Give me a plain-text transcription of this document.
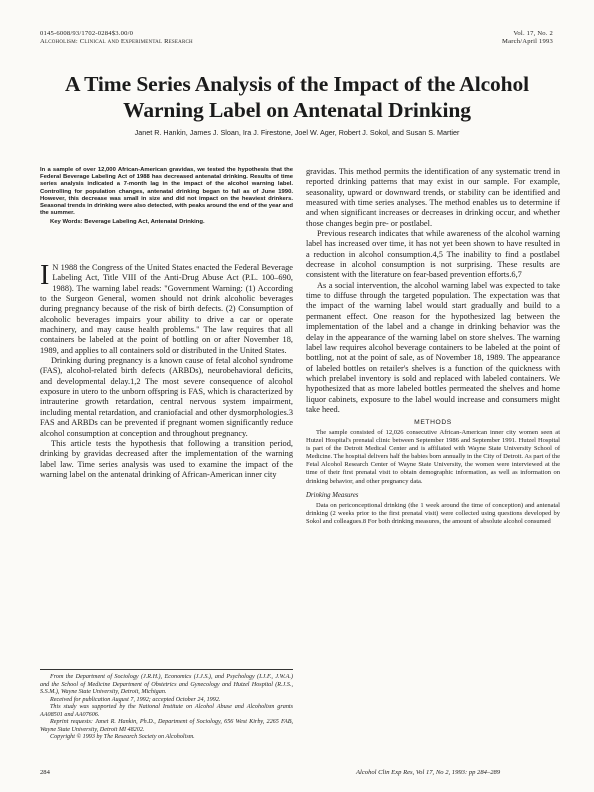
0145-6008/93/1702-0284$3.00/0
Alcoholism: Clinical and Experimental Research
Vol. 17, No. 2
March/April 1993
A Time Series Analysis of the Impact of the Alcohol
Warning Label on Antenatal Drinking
Janet R. Hankin, James J. Sloan, Ira J. Firestone, Joel W. Ager, Robert J. Sokol, and Susan S. Martier
In a sample of over 12,000 African-American gravidas, we tested the hypothesis that the Federal Beverage Labeling Act of 1988 has decreased antenatal drinking. Results of time series analysis indicated a 7-month lag in the impact of the alcohol warning label. Controlling for population changes, antenatal drinking began to fall as of June 1990. However, this decrease was small in size and did not impact on the heaviest drinkers. Seasonal trends in drinking were also detected, with peaks around the end of the year and the summer.
Key Words: Beverage Labeling Act, Antenatal Drinking.

I N 1988 the Congress of the United States enacted the Federal Beverage Labeling Act, Title VIII of the Anti-Drug Abuse Act (P.L. 100–690, 1988). The warning label reads: "Government Warning: (1) According to the Surgeon General, women should not drink alcoholic beverages during pregnancy because of the risk of birth defects. (2) Consumption of alcoholic beverages impairs your ability to drive a car or operate machinery, and may cause health problems." The law requires that all containers be labeled at the point of bottling on or after November 18, 1989, and applies to all containers sold or distributed in the United States.

Drinking during pregnancy is a known cause of fetal alcohol syndrome (FAS), alcohol-related birth defects (ARBDs), neurobehavioral deficits, and developmental delay.1,2 The most severe consequence of alcohol exposure in utero to the unborn offspring is FAS, which is characterized by intrauterine growth retardation, central nervous system impairment, including mental retardation, and craniofacial and other dysmorphologies.3 FAS and ARBDs can be prevented if pregnant women significantly reduce alcohol consumption at conception and throughout pregnancy.

This article tests the hypothesis that following a transition period, drinking by gravidas decreased after the implementation of the warning label law. Time series analysis was used to examine the impact of the warning label on the antenatal drinking of African-American inner city

gravidas. This method permits the identification of any systematic trend in reported drinking patterns that may exist in our sample. For example, seasonality, upward or downward trends, or stability can be identified and measured with time series analyses. The method enables us to determine if and when significant increases or decreases in drinking occur, and whether those changes begin pre- or postlabel.

Previous research indicates that while awareness of the alcohol warning label has increased over time, it has not yet been shown to have resulted in a reduction in alcohol consumption.4,5 The inability to find a postlabel decrease in alcohol consumption is not surprising. These results are consistent with the literature on fear-based prevention efforts.6,7

As a social intervention, the alcohol warning label was expected to take time to diffuse through the targeted population. The expectation was that the impact of the warning label would start gradually and build to a permanent effect. One reason for the hypothesized lag between the implementation of the label and a change in drinking behavior was the delay in the appearance of the warning label on store shelves. The warning label law requires alcohol beverage containers to be labeled at the point of bottling, not at the point of sale, as of November 18, 1989. The appearance of labeled bottles on retailer's shelves is a function of the quickness with which prelabel inventory is sold and replaced with labeled containers. We hypothesized that as more labeled bottles permeated the shelves and home liquor cabinets, exposure to the label would increase and consumers might take heed.

METHODS

The sample consisted of 12,026 consecutive African-American inner city women seen at Hutzel Hospital's prenatal clinic between September 1986 and September 1991. Hutzel Hospital is part of the Detroit Medical Center and is affiliated with Wayne State University School of Medicine. The hospital delivers half the babies born annually in the City of Detroit. As part of the Fetal Alcohol Research Center of Wayne State University, the women were interviewed at the time of their first prenatal visit to obtain demographic information, as well as information on drinking behavior, and other pregnancy data.

Drinking Measures

Data on periconceptional drinking (the 1 week around the time of conception) and antenatal drinking (2 weeks prior to the first prenatal visit) were collected using questions developed by Sokol and colleagues.8 For both drinking measures, the amount of absolute alcohol consumed

From the Department of Sociology (J.R.H.), Economics (J.J.S.), and Psychology (I.J.F., J.W.A.) and the School of Medicine Department of Obstetrics and Gynecology and Hutzel Hospital (R.J.S., S.S.M.), Wayne State University, Detroit, Michigan.

Received for publication August 7, 1992; accepted October 24, 1992.

This study was supported by the National Institute on Alcohol Abuse and Alcoholism grants AA08501 and AA07606.

Reprint requests: Janet R. Hankin, Ph.D., Department of Sociology, 656 West Kirby, 2265 FAB, Wayne State University, Detroit MI 48202.

Copyright © 1993 by The Research Society on Alcoholism.

284	Alcohol Clin Exp Res, Vol 17, No 2, 1993: pp 284–289
